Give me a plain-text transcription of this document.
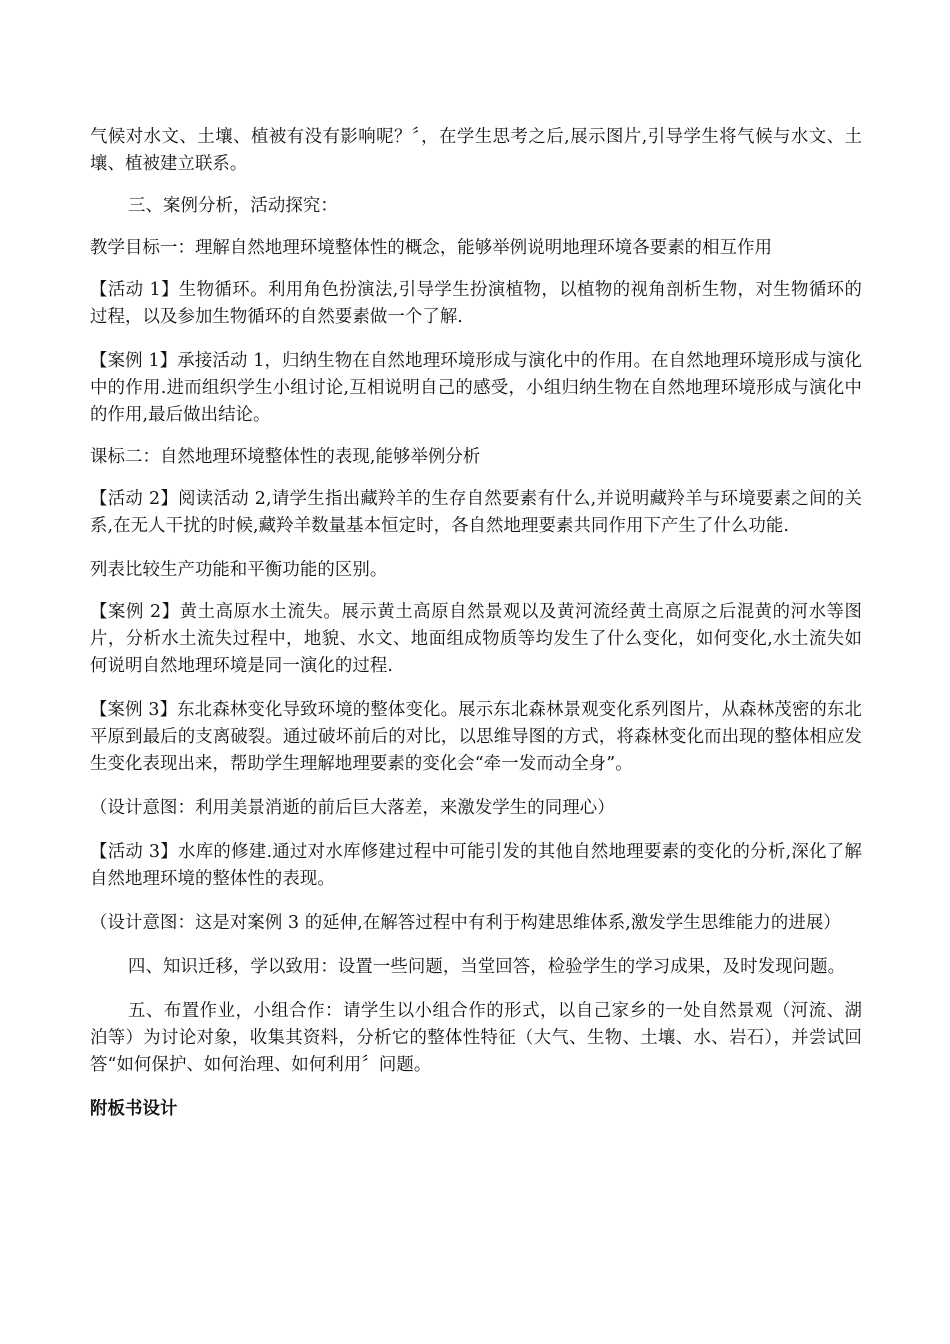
气候对水文、土壤、植被有没有影响呢？〞，在学生思考之后,展示图片,引导学生将气候与水文、土壤、植被建立联系。

三、案例分析，活动探究：

教学目标一：理解自然地理环境整体性的概念，能够举例说明地理环境各要素的相互作用

【活动 1】生物循环。利用角色扮演法,引导学生扮演植物，以植物的视角剖析生物，对生物循环的过程，以及参加生物循环的自然要素做一个了解.

【案例 1】承接活动 1，归纳生物在自然地理环境形成与演化中的作用。在自然地理环境形成与演化中的作用.进而组织学生小组讨论,互相说明自己的感受，小组归纳生物在自然地理环境形成与演化中的作用,最后做出结论。

课标二：自然地理环境整体性的表现,能够举例分析

【活动 2】阅读活动 2,请学生指出藏羚羊的生存自然要素有什么,并说明藏羚羊与环境要素之间的关系,在无人干扰的时候,藏羚羊数量基本恒定时，各自然地理要素共同作用下产生了什么功能.

列表比较生产功能和平衡功能的区别。

【案例 2】黄土高原水土流失。展示黄土高原自然景观以及黄河流经黄土高原之后混黄的河水等图片，分析水土流失过程中，地貌、水文、地面组成物质等均发生了什么变化，如何变化,水土流失如何说明自然地理环境是同一演化的过程.

【案例 3】东北森林变化导致环境的整体变化。展示东北森林景观变化系列图片，从森林茂密的东北平原到最后的支离破裂。通过破坏前后的对比，以思维导图的方式，将森林变化而出现的整体相应发生变化表现出来，帮助学生理解地理要素的变化会“牵一发而动全身”。

（设计意图：利用美景消逝的前后巨大落差，来激发学生的同理心）

【活动 3】水库的修建.通过对水库修建过程中可能引发的其他自然地理要素的变化的分析,深化了解自然地理环境的整体性的表现。

（设计意图：这是对案例 3 的延伸,在解答过程中有利于构建思维体系,激发学生思维能力的进展）

四、知识迁移，学以致用：设置一些问题，当堂回答，检验学生的学习成果，及时发现问题。

五、布置作业，小组合作：请学生以小组合作的形式，以自己家乡的一处自然景观（河流、湖泊等）为讨论对象，收集其资料，分析它的整体性特征（大气、生物、土壤、水、岩石），并尝试回答“如何保护、如何治理、如何利用〞问题。

附板书设计
